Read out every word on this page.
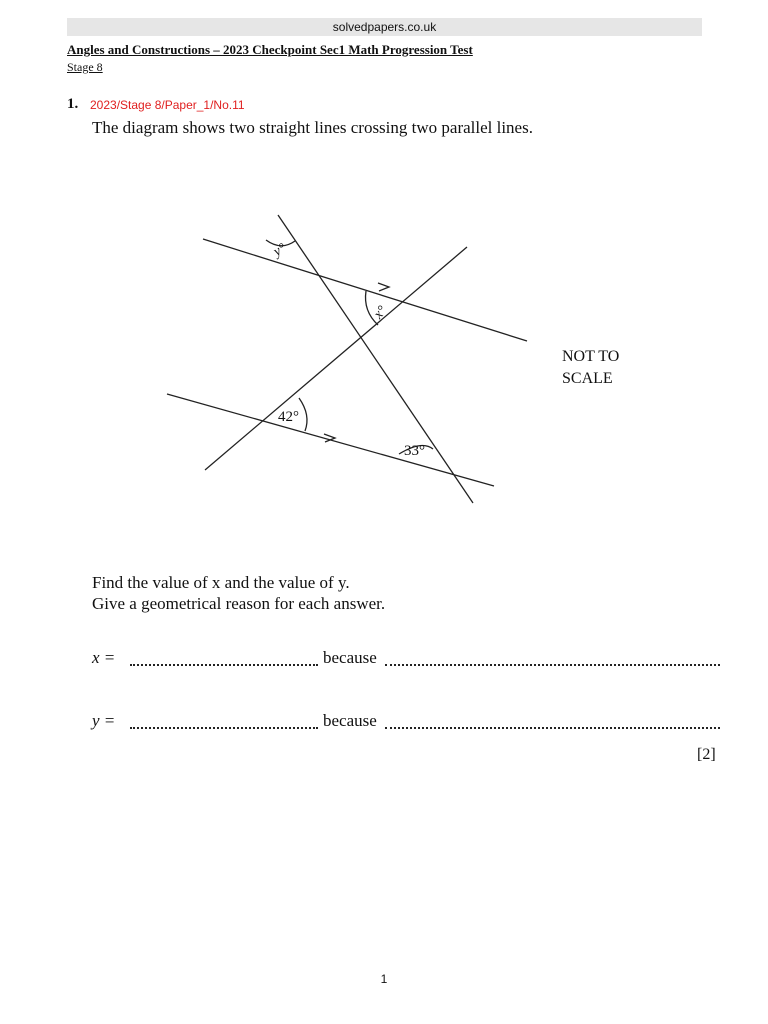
solvedpapers.co.uk
Angles and Constructions – 2023 Checkpoint Sec1 Math Progression Test
Stage 8
1. 2023/Stage 8/Paper_1/No.11
The diagram shows two straight lines crossing two parallel lines.
y°
x°
42°
33°
NOT TO
SCALE
Find the value of x and the value of y.
Give a geometrical reason for each answer.
x =	because
y =	because
[2]
1
